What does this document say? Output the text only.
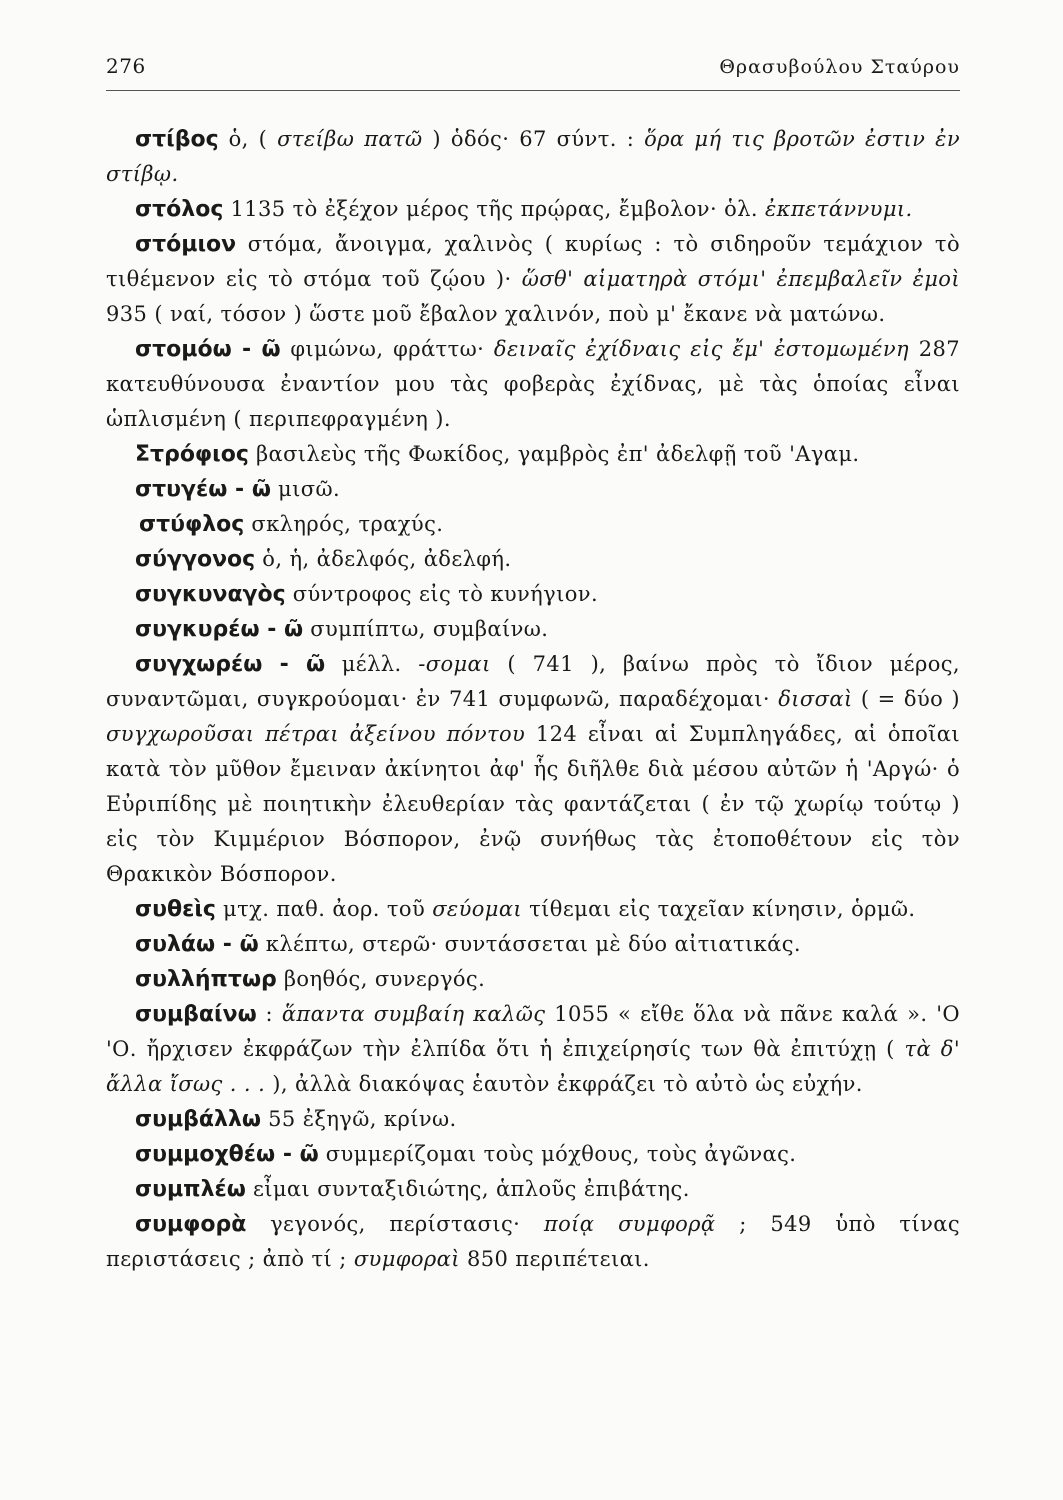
276	Θρασυβούλου Σταύρου

στίβος ὁ, ( στείβω πατῶ ) ὁδός· 67 σύντ. : ὅρα μή τις βροτῶν ἐστιν ἐν στίβῳ.

στόλος 1135 τὸ ἐξέχον μέρος τῆς πρῴρας, ἔμβολον· ὁλ. ἐκπετάννυμι.

στόμιον στόμα, ἄνοιγμα, χαλινὸς ( κυρίως : τὸ σιδηροῦν τεμάχιον τὸ τιθέμενον εἰς τὸ στόμα τοῦ ζῴου )· ὥσθ' αἱματηρὰ στόμι' ἐπεμβαλεῖν ἐμοὶ 935 ( ναί, τόσον ) ὥστε μοῦ ἔβαλον χαλινόν, ποὺ μ' ἔκανε νὰ ματώνω.

στομόω - ῶ φιμώνω, φράττω· δειναῖς ἐχίδναις εἰς ἔμ' ἐστομωμένη 287 κατευθύνουσα ἐναντίον μου τὰς φοβερὰς ἐχίδνας, μὲ τὰς ὁποίας εἶναι ὡπλισμένη ( περιπεφραγμένη ).

Στρόφιος βασιλεὺς τῆς Φωκίδος, γαμβρὸς ἐπ' ἀδελφῇ τοῦ 'Αγαμ.

στυγέω - ῶ μισῶ.

στύφλος σκληρός, τραχύς.

σύγγονος ὁ, ἡ, ἀδελφός, ἀδελφή.

συγκυναγὸς σύντροφος εἰς τὸ κυνήγιον.

συγκυρέω - ῶ συμπίπτω, συμβαίνω.

συγχωρέω - ῶ μέλλ. -σομαι ( 741 ), βαίνω πρὸς τὸ ἴδιον μέρος, συναντῶμαι, συγκρούομαι· ἐν 741 συμφωνῶ, παραδέχομαι· δισσαὶ ( = δύο ) συγχωροῦσαι πέτραι ἀξείνου πόντου 124 εἶναι αἱ Συμπληγάδες, αἱ ὁποῖαι κατὰ τὸν μῦθον ἔμειναν ἀκίνητοι ἀφ' ἧς διῆλθε διὰ μέσου αὐτῶν ἡ 'Αργώ· ὁ Εὐριπίδης μὲ ποιητικὴν ἐλευθερίαν τὰς φαντάζεται ( ἐν τῷ χωρίῳ τούτῳ ) εἰς τὸν Κιμμέριον Βόσπορον, ἐνῷ συνήθως τὰς ἐτοποθέτουν εἰς τὸν Θρακικὸν Βόσπορον.

συθεὶς μτχ. παθ. ἀορ. τοῦ σεύομαι τίθεμαι εἰς ταχεῖαν κίνησιν, ὁρμῶ.

συλάω - ῶ κλέπτω, στερῶ· συντάσσεται μὲ δύο αἰτιατικάς.

συλλήπτωρ βοηθός, συνεργός.

συμβαίνω : ἅπαντα συμβαίη καλῶς 1055 « εἴθε ὅλα νὰ πᾶνε καλά ». 'Ο 'Ο. ἤρχισεν ἐκφράζων τὴν ἐλπίδα ὅτι ἡ ἐπιχείρησίς των θὰ ἐπιτύχῃ ( τὰ δ' ἄλλα ἴσως . . . ), ἀλλὰ διακόψας ἑαυτὸν ἐκφράζει τὸ αὐτὸ ὡς εὐχήν.

συμβάλλω 55 ἐξηγῶ, κρίνω.

συμμοχθέω - ῶ συμμερίζομαι τοὺς μόχθους, τοὺς ἀγῶνας.

συμπλέω εἶμαι συνταξιδιώτης, ἁπλοῦς ἐπιβάτης.

συμφορὰ γεγονός, περίστασις· ποίᾳ συμφορᾷ ; 549 ὑπὸ τίνας περιστάσεις ; ἀπὸ τί ; συμφοραὶ 850 περιπέτειαι.
